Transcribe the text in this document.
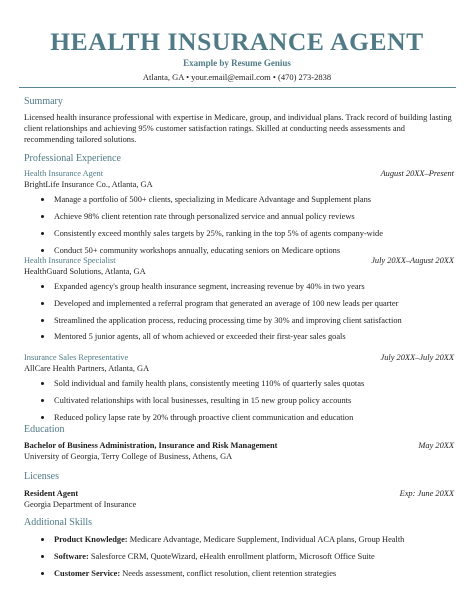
HEALTH INSURANCE AGENT
Example by Resume Genius
Atlanta, GA • your.email@email.com • (470) 273-2838
Summary
Licensed health insurance professional with expertise in Medicare, group, and individual plans. Track record of building lasting client relationships and achieving 95% customer satisfaction ratings. Skilled at conducting needs assessments and recommending tailored solutions.
Professional Experience
Health Insurance Agent	August 20XX–Present
BrightLife Insurance Co., Atlanta, GA
Manage a portfolio of 500+ clients, specializing in Medicare Advantage and Supplement plans
Achieve 98% client retention rate through personalized service and annual policy reviews
Consistently exceed monthly sales targets by 25%, ranking in the top 5% of agents company-wide
Conduct 50+ community workshops annually, educating seniors on Medicare options
Health Insurance Specialist	July 20XX–August 20XX
HealthGuard Solutions, Atlanta, GA
Expanded agency's group health insurance segment, increasing revenue by 40% in two years
Developed and implemented a referral program that generated an average of 100 new leads per quarter
Streamlined the application process, reducing processing time by 30% and improving client satisfaction
Mentored 5 junior agents, all of whom achieved or exceeded their first-year sales goals
Insurance Sales Representative	July 20XX–July 20XX
AllCare Health Partners, Atlanta, GA
Sold individual and family health plans, consistently meeting 110% of quarterly sales quotas
Cultivated relationships with local businesses, resulting in 15 new group policy accounts
Reduced policy lapse rate by 20% through proactive client communication and education
Education
Bachelor of Business Administration, Insurance and Risk Management	May 20XX
University of Georgia, Terry College of Business, Athens, GA
Licenses
Resident Agent	Exp: June 20XX
Georgia Department of Insurance
Additional Skills
Product Knowledge: Medicare Advantage, Medicare Supplement, Individual ACA plans, Group Health
Software: Salesforce CRM, QuoteWizard, eHealth enrollment platform, Microsoft Office Suite
Customer Service: Needs assessment, conflict resolution, client retention strategies
